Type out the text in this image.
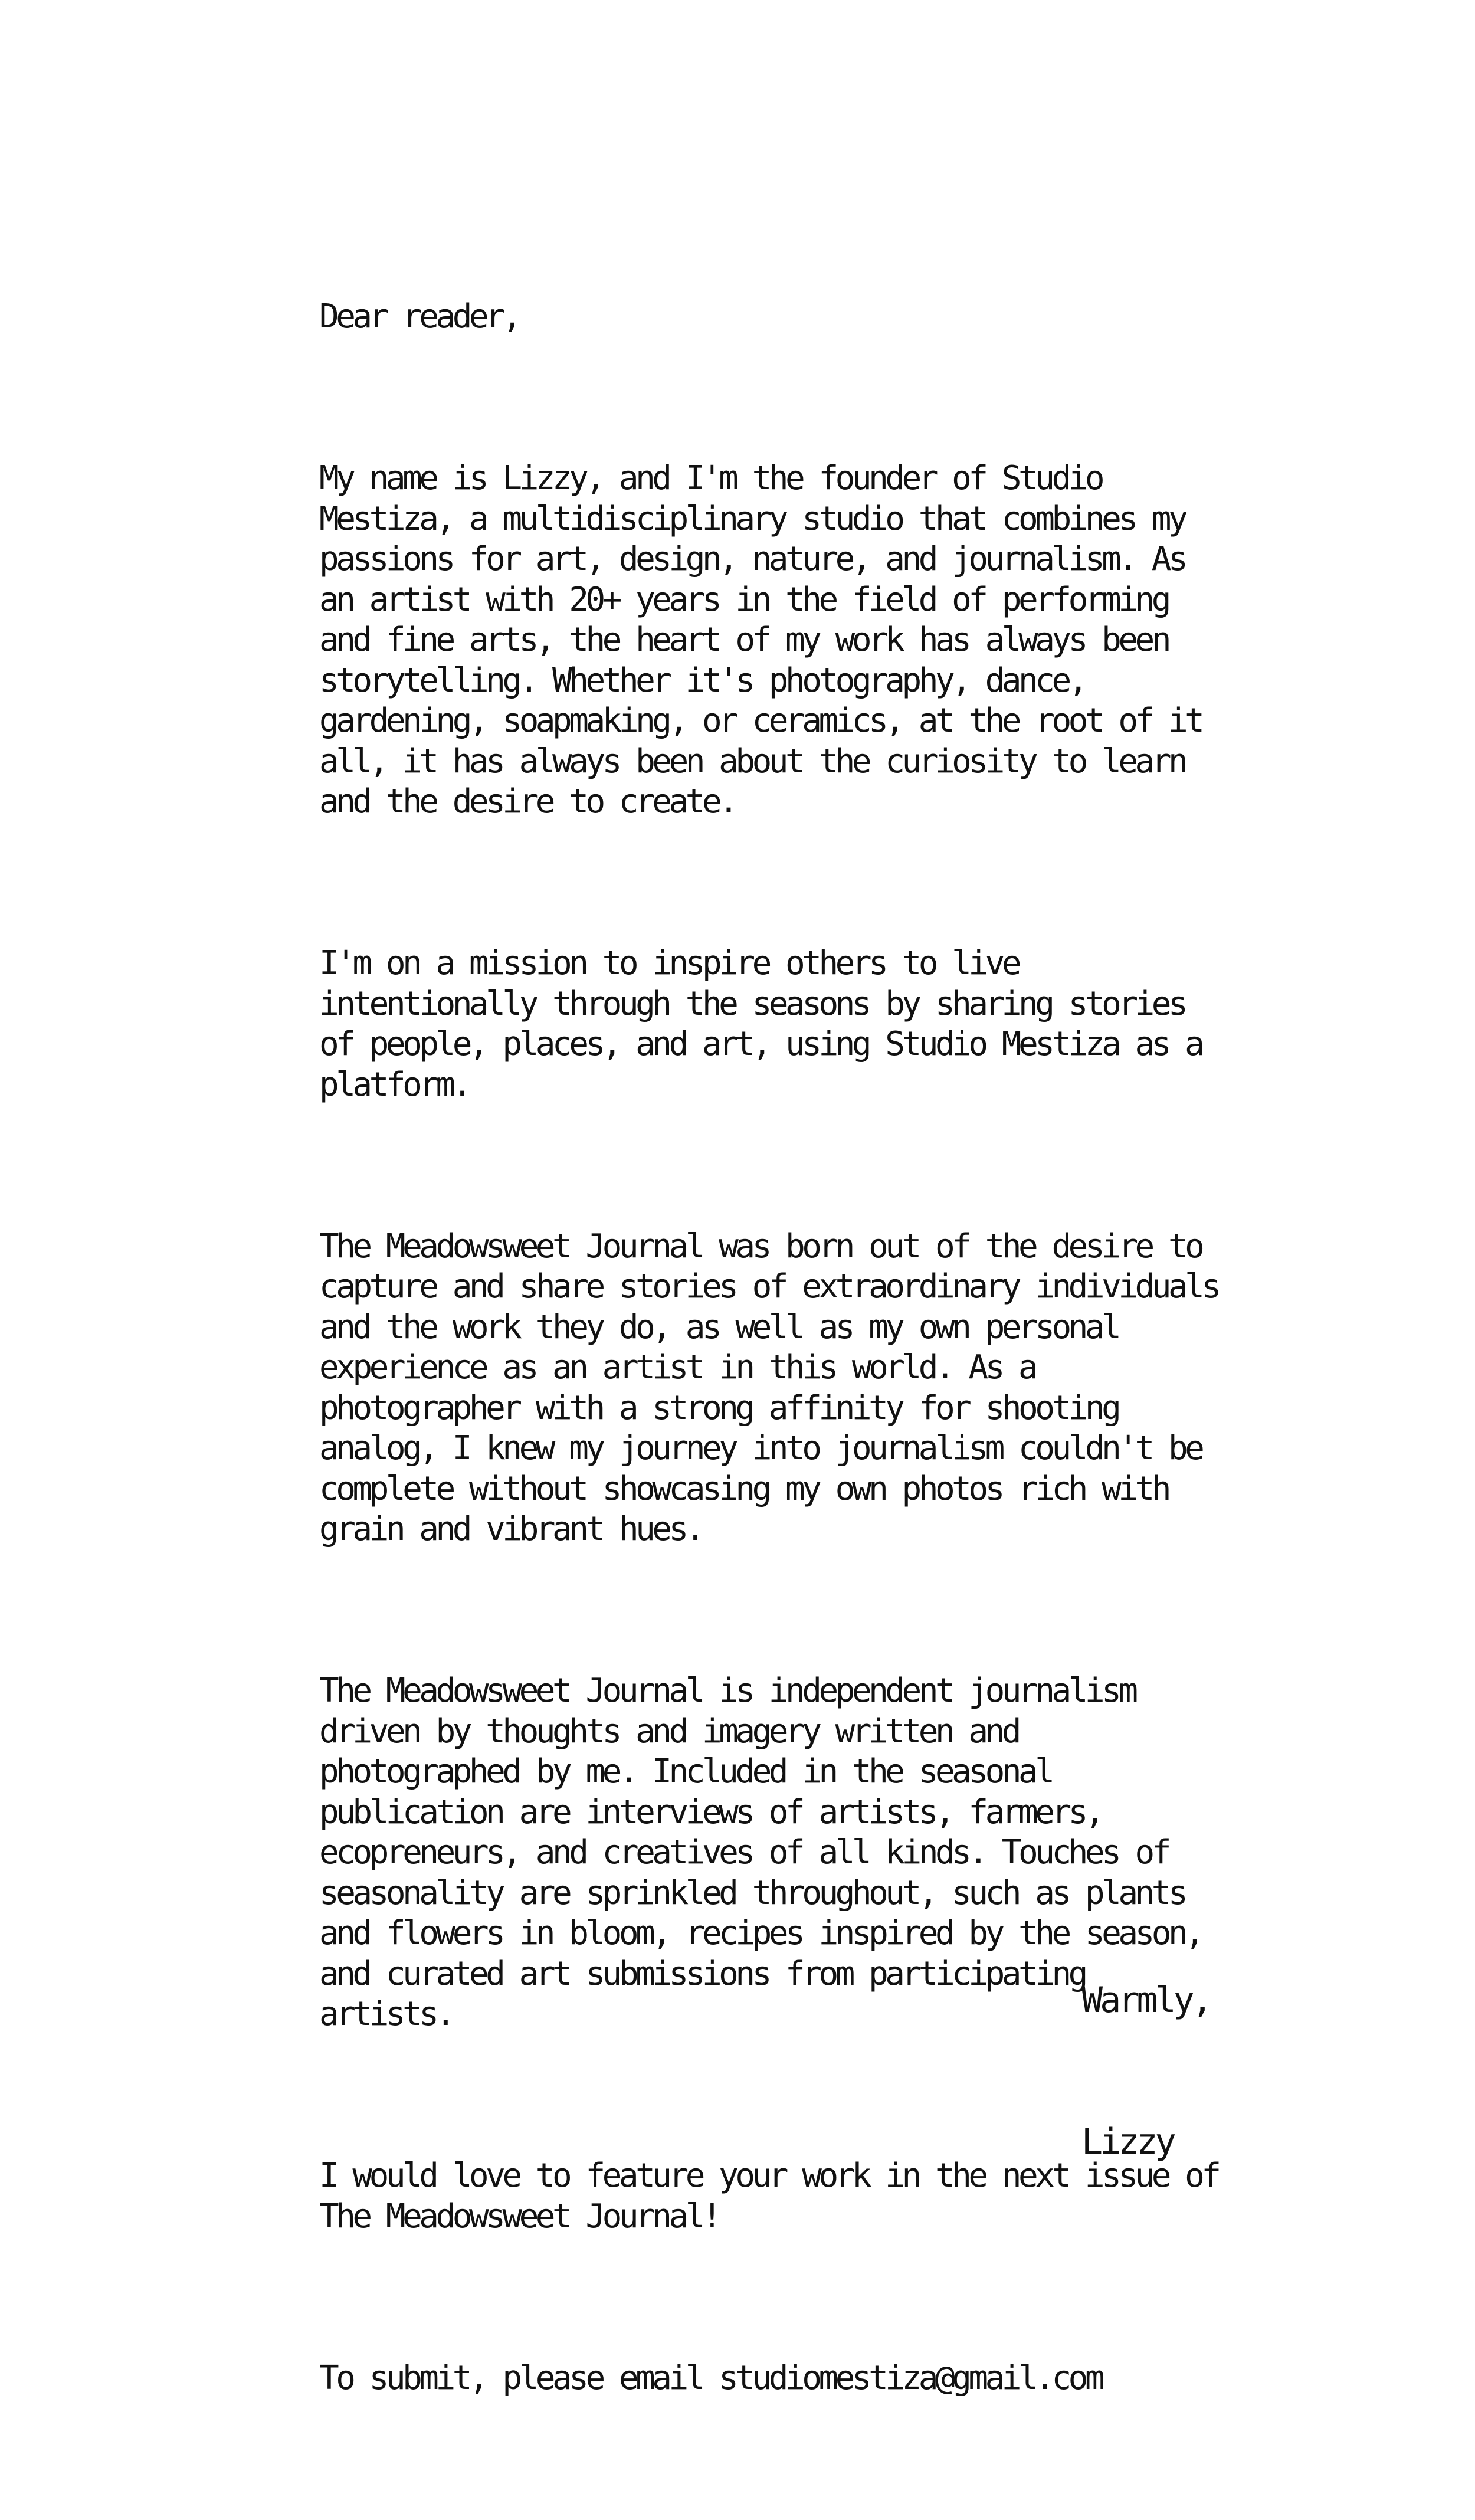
Dear reader,

My name is Lizzy, and I'm the founder of Studio
Mestiza, a multidisciplinary studio that combines my
passions for art, design, nature, and journalism. As
an artist with 20+ years in the field of performing
and fine arts, the heart of my work has always been
storytelling. Whether it's photography, dance,
gardening, soapmaking, or ceramics, at the root of it
all, it has always been about the curiosity to learn
and the desire to create.

I'm on a mission to inspire others to live
intentionally through the seasons by sharing stories
of people, places, and art, using Studio Mestiza as a
platform.

The Meadowsweet Journal was born out of the desire to
capture and share stories of extraordinary individuals
and the work they do, as well as my own personal
experience as an artist in this world. As a
photographer with a strong affinity for shooting
analog, I knew my journey into journalism couldn't be
complete without showcasing my own photos rich with
grain and vibrant hues.

The Meadowsweet Journal is independent journalism
driven by thoughts and imagery written and
photographed by me. Included in the seasonal
publication are interviews of artists, farmers,
ecopreneurs, and creatives of all kinds. Touches of
seasonality are sprinkled throughout, such as plants
and flowers in bloom, recipes inspired by the season,
and curated art submissions from participating
artists.

I would love to feature your work in the next issue of
The Meadowsweet Journal!

To submit, please email studiomestiza@gmail.com

Warmly,

Lizzy
